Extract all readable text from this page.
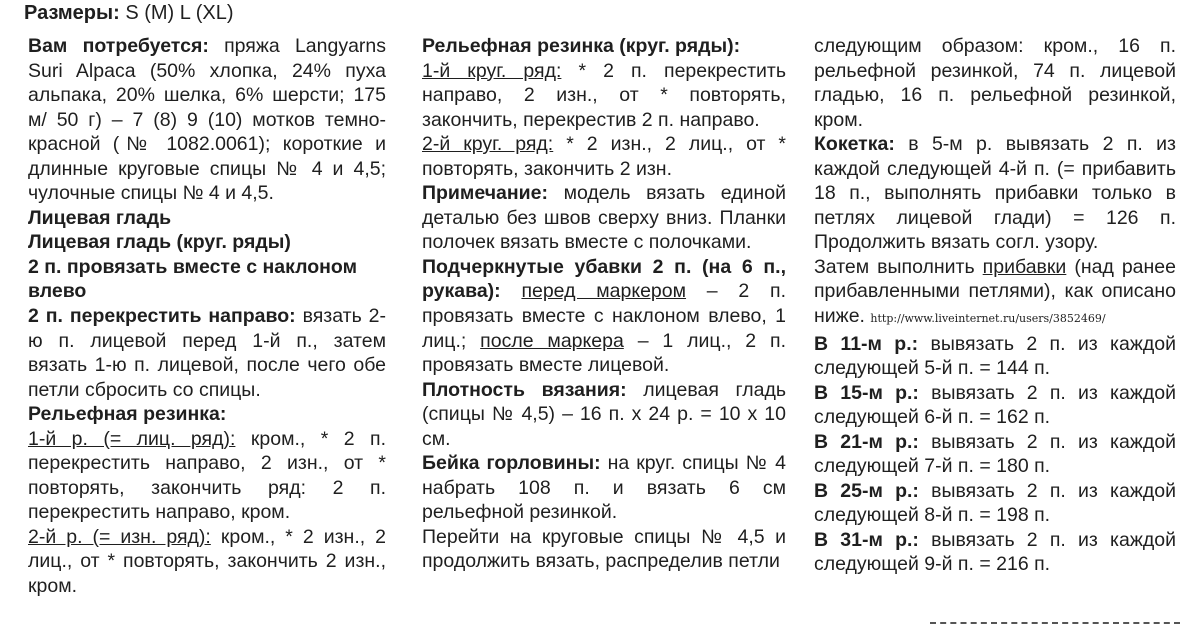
Размеры: S (M) L (XL)

Вам потребуется: пряжа Langyarns Suri Alpaca (50% хлопка, 24% пуха альпака, 20% шелка, 6% шерсти; 175 м/ 50 г) – 7 (8) 9 (10) мотков темно-красной (№ 1082.0061); короткие и длинные круговые спицы № 4 и 4,5; чулочные спицы № 4 и 4,5.

Лицевая гладь

Лицевая гладь (круг. ряды)

2 п. провязать вместе с наклоном влево

2 п. перекрестить направо: вязать 2-ю п. лицевой перед 1-й п., затем вязать 1-ю п. лицевой, после чего обе петли сбросить со спицы.

Рельефная резинка:

1-й р. (= лиц. ряд): кром., * 2 п. перекрестить направо, 2 изн., от * повторять, закончить ряд: 2 п. перекрестить направо, кром.

2-й р. (= изн. ряд): кром., * 2 изн., 2 лиц., от * повторять, закончить 2 изн., кром.

Рельефная резинка (круг. ряды):

1-й круг. ряд: * 2 п. перекрестить направо, 2 изн., от * повторять, закончить, перекрестив 2 п. направо.

2-й круг. ряд: * 2 изн., 2 лиц., от * повторять, закончить 2 изн.

Примечание: модель вязать единой деталью без швов сверху вниз. Планки полочек вязать вместе с полочками.

Подчеркнутые убавки 2 п. (на 6 п., рукава): перед маркером – 2 п. провязать вместе с наклоном влево, 1 лиц.; после маркера – 1 лиц., 2 п. провязать вместе лицевой.

Плотность вязания: лицевая гладь (спицы № 4,5) – 16 п. х 24 р. = 10 х 10 см.

Бейка горловины: на круг. спицы № 4 набрать 108 п. и вязать 6 см рельефной резинкой.

Перейти на круговые спицы № 4,5 и продолжить вязать, распределив петли

следующим образом: кром., 16 п. рельефной резинкой, 74 п. лицевой гладью, 16 п. рельефной резинкой, кром.

Кокетка: в 5-м р. вывязать 2 п. из каждой следующей 4-й п. (= прибавить 18 п., выполнять прибавки только в петлях лицевой глади) = 126 п. Продолжить вязать согл. узору.

Затем выполнить прибавки (над ранее прибавленными петлями), как описано ниже. http://www.liveinternet.ru/users/3852469/

В 11-м р.: вывязать 2 п. из каждой следующей 5-й п. = 144 п.

В 15-м р.: вывязать 2 п. из каждой следующей 6-й п. = 162 п.

В 21-м р.: вывязать 2 п. из каждой следующей 7-й п. = 180 п.

В 25-м р.: вывязать 2 п. из каждой следующей 8-й п. = 198 п.

В 31-м р.: вывязать 2 п. из каждой следующей 9-й п. = 216 п.
